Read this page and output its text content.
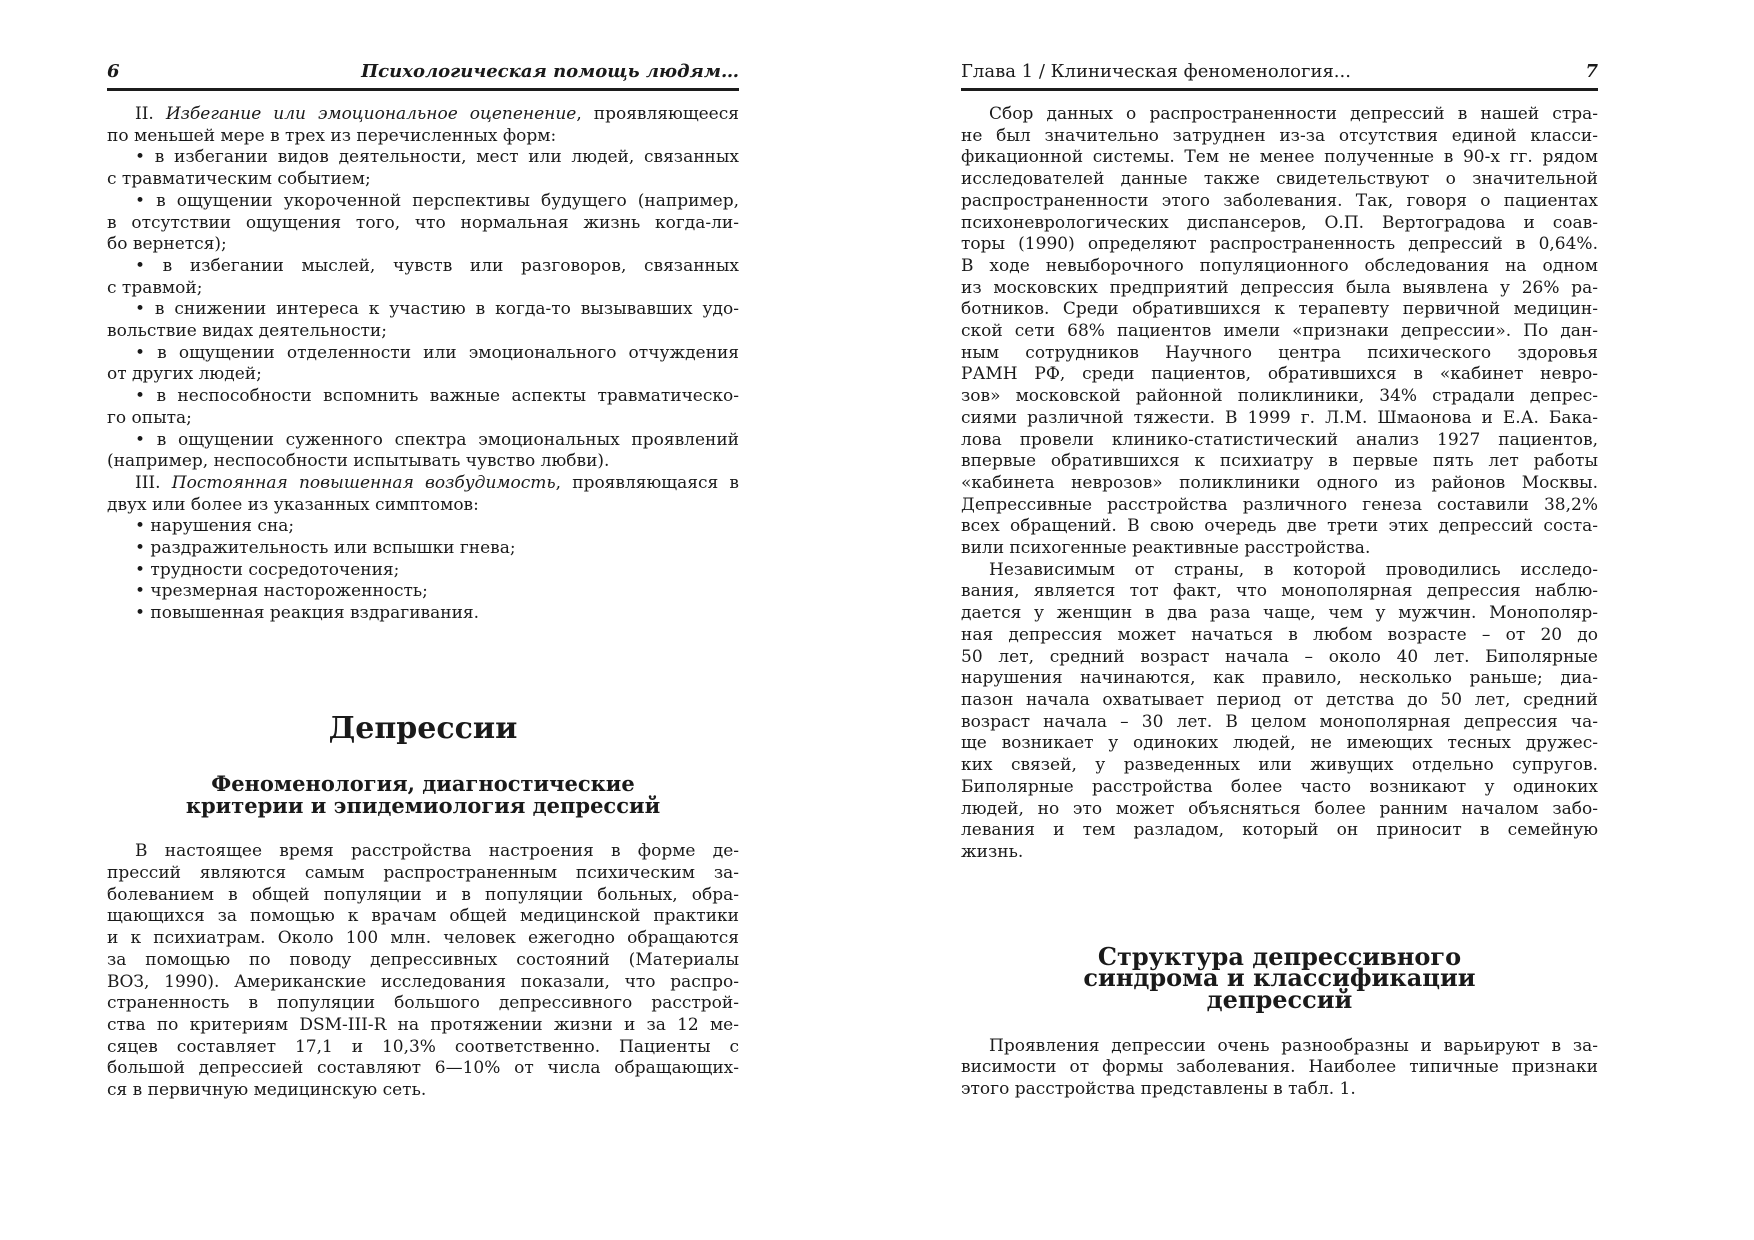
6	Психологическая помощь людям…
II. Избегание или эмоциональное оцепенение, проявляющееся
по меньшей мере в трех из перечисленных форм:
• в избегании видов деятельности, мест или людей, связанных
с травматическим событием;
• в ощущении укороченной перспективы будущего (например,
в отсутствии ощущения того, что нормальная жизнь когда-ли-
бо вернется);
• в избегании мыслей, чувств или разговоров, связанных
с травмой;
• в снижении интереса к участию в когда-то вызывавших удо-
вольствие видах деятельности;
• в ощущении отделенности или эмоционального отчуждения
от других людей;
• в неспособности вспомнить важные аспекты травматическо-
го опыта;
• в ощущении суженного спектра эмоциональных проявлений
(например, неспособности испытывать чувство любви).
III. Постоянная повышенная возбудимость, проявляющаяся в
двух или более из указанных симптомов:
• нарушения сна;
• раздражительность или вспышки гнева;
• трудности сосредоточения;
• чрезмерная настороженность;
• повышенная реакция вздрагивания.
Депрессии
Феноменология, диагностические
критерии и эпидемиология депрессий
В настоящее время расстройства настроения в форме де-
прессий являются самым распространенным психическим за-
болеванием в общей популяции и в популяции больных, обра-
щающихся за помощью к врачам общей медицинской практики
и к психиатрам. Около 100 млн. человек ежегодно обращаются
за помощью по поводу депрессивных состояний (Материалы
ВОЗ, 1990). Американские исследования показали, что распро-
страненность в популяции большого депрессивного расстрой-
ства по критериям DSM-III-R на протяжении жизни и за 12 ме-
сяцев составляет 17,1 и 10,3% соответственно. Пациенты с
большой депрессией составляют 6—10% от числа обращающих-
ся в первичную медицинскую сеть.
Глава 1 / Клиническая феноменология...	7
Сбор данных о распространенности депрессий в нашей стра-
не был значительно затруднен из-за отсутствия единой класси-
фикационной системы. Тем не менее полученные в 90-х гг. рядом
исследователей данные также свидетельствуют о значительной
распространенности этого заболевания. Так, говоря о пациентах
психоневрологических диспансеров, О.П. Вертоградова и соав-
торы (1990) определяют распространенность депрессий в 0,64%.
В ходе невыборочного популяционного обследования на одном
из московских предприятий депрессия была выявлена у 26% ра-
ботников. Среди обратившихся к терапевту первичной медицин-
ской сети 68% пациентов имели «признаки депрессии». По дан-
ным сотрудников Научного центра психического здоровья
РАМН РФ, среди пациентов, обратившихся в «кабинет невро-
зов» московской районной поликлиники, 34% страдали депрес-
сиями различной тяжести. В 1999 г. Л.М. Шмаонова и Е.А. Бака-
лова провели клинико-статистический анализ 1927 пациентов,
впервые обратившихся к психиатру в первые пять лет работы
«кабинета неврозов» поликлиники одного из районов Москвы.
Депрессивные расстройства различного генеза составили 38,2%
всех обращений. В свою очередь две трети этих депрессий соста-
вили психогенные реактивные расстройства.
Независимым от страны, в которой проводились исследо-
вания, является тот факт, что монополярная депрессия наблю-
дается у женщин в два раза чаще, чем у мужчин. Монополяр-
ная депрессия может начаться в любом возрасте – от 20 до
50 лет, средний возраст начала – около 40 лет. Биполярные
нарушения начинаются, как правило, несколько раньше; диа-
пазон начала охватывает период от детства до 50 лет, средний
возраст начала – 30 лет. В целом монополярная депрессия ча-
ще возникает у одиноких людей, не имеющих тесных дружес-
ких связей, у разведенных или живущих отдельно супругов.
Биполярные расстройства более часто возникают у одиноких
людей, но это может объясняться более ранним началом забо-
левания и тем разладом, который он приносит в семейную
жизнь.
Структура депрессивного
синдрома и классификации
депрессий
Проявления депрессии очень разнообразны и варьируют в за-
висимости от формы заболевания. Наиболее типичные признаки
этого расстройства представлены в табл. 1.
